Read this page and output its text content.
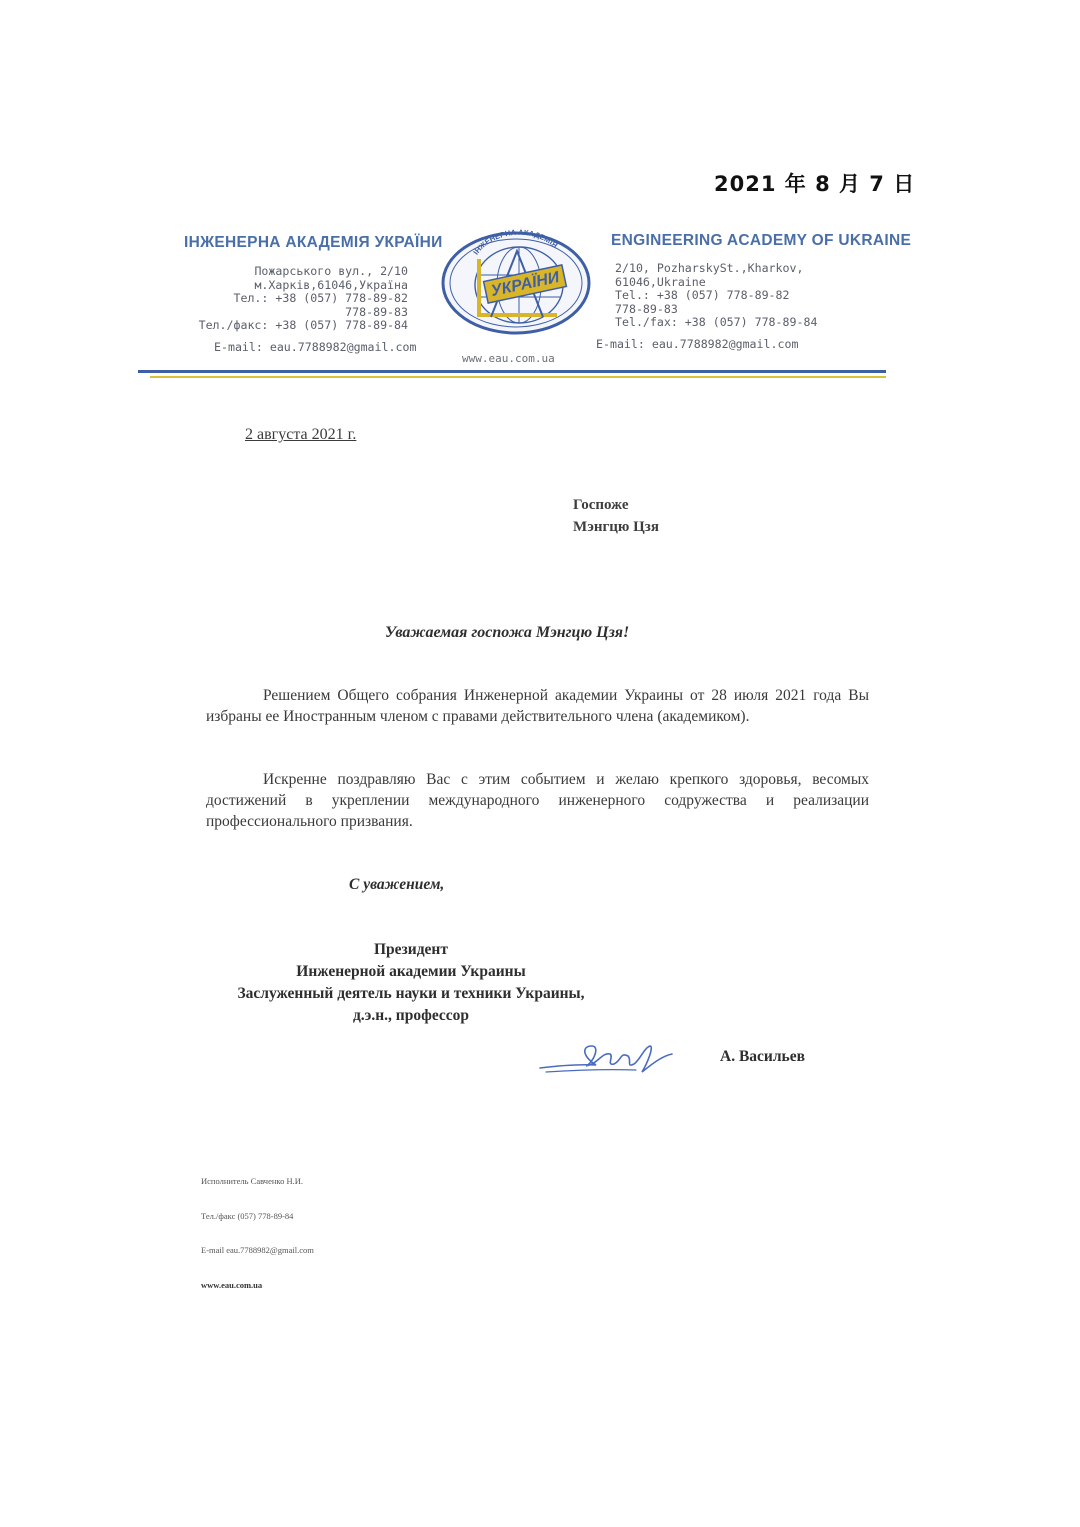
2021 年 8 月 7 日
ІНЖЕНЕРНА АКАДЕМІЯ УКРАЇНИ
Пожарського вул., 2/10
м.Харків,61046,Україна
Тел.: +38 (057) 778-89-82
778-89-83
Тел./факс: +38 (057) 778-89-84
E-mail: eau.7788982@gmail.com
УКРАЇНИ
ІНЖЕНЕРНА АКАДЕМІЯ	ENGINEERING ACADEMY OF UKRAINE
2/10, PozharskySt.,Kharkov,
61046,Ukraine
Tel.: +38 (057) 778-89-82
778-89-83
Tel./fax: +38 (057) 778-89-84
E-mail: eau.7788982@gmail.com
www.eau.com.ua
2 августа 2021 г.
Госпоже
Мэнгцю Цзя
Уважаемая госпожа Мэнгцю Цзя!
Решением Общего собрания Инженерной академии Украины от 28 июля 2021 года Вы избраны ее Иностранным членом с правами действительного члена (академиком).
Искренне поздравляю Вас с этим событием и желаю крепкого здоровья, весомых достижений в укреплении международного инженерного содружества и реализации профессионального призвания.
С уважением,
Президент
Инженерной академии Украины
Заслуженный деятель науки и техники Украины,
д.э.н., профессор
А. Васильев

Исполнитель Савченко Н.И.

Тел./факс (057) 778-89-84

E-mail eau.7788982@gmail.com

www.eau.com.ua
